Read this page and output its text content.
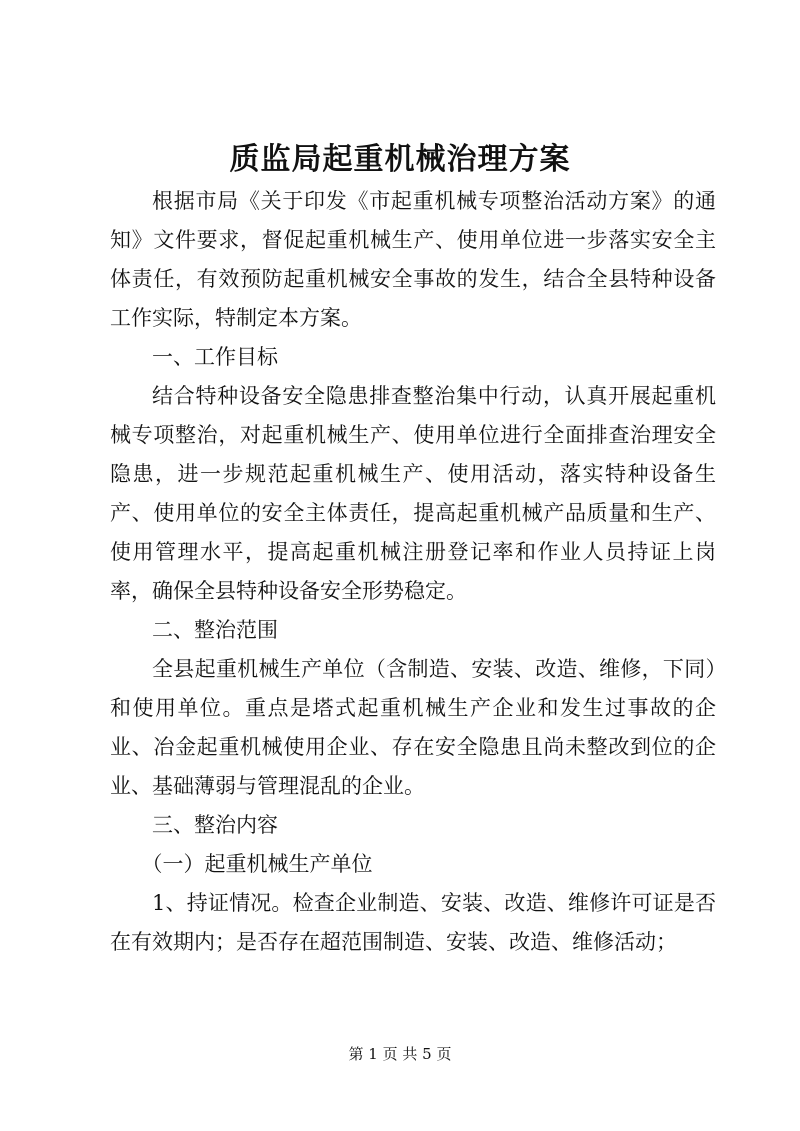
质监局起重机械治理方案

根据市局《关于印发《市起重机械专项整治活动方案》的通知》文件要求，督促起重机械生产、使用单位进一步落实安全主体责任，有效预防起重机械安全事故的发生，结合全县特种设备工作实际，特制定本方案。

一、工作目标

结合特种设备安全隐患排查整治集中行动，认真开展起重机械专项整治，对起重机械生产、使用单位进行全面排查治理安全隐患，进一步规范起重机械生产、使用活动，落实特种设备生产、使用单位的安全主体责任，提高起重机械产品质量和生产、使用管理水平，提高起重机械注册登记率和作业人员持证上岗率，确保全县特种设备安全形势稳定。

二、整治范围

全县起重机械生产单位（含制造、安装、改造、维修，下同）和使用单位。重点是塔式起重机械生产企业和发生过事故的企业、冶金起重机械使用企业、存在安全隐患且尚未整改到位的企业、基础薄弱与管理混乱的企业。

三、整治内容

（一）起重机械生产单位

1、持证情况。检查企业制造、安装、改造、维修许可证是否在有效期内；是否存在超范围制造、安装、改造、维修活动；

第 1 页 共 5 页
